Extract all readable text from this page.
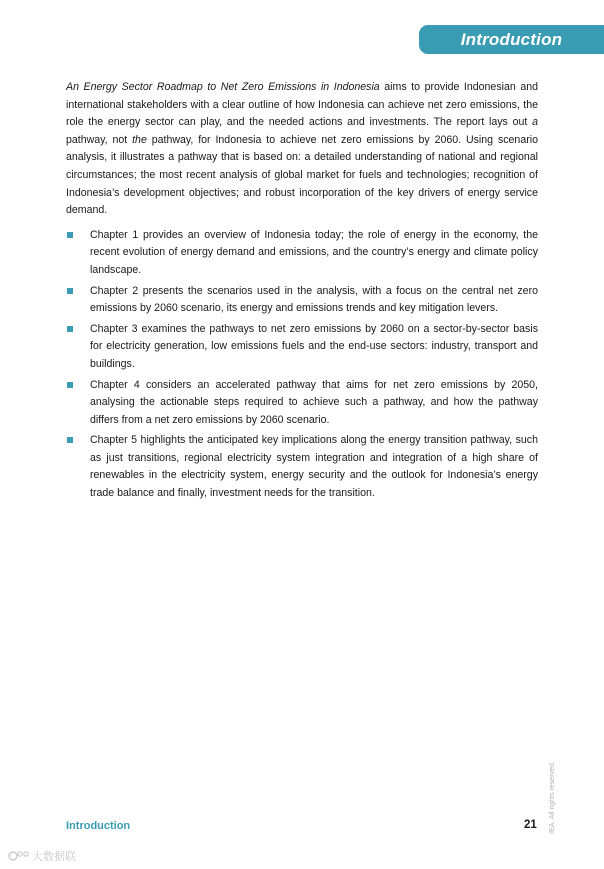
Introduction

An Energy Sector Roadmap to Net Zero Emissions in Indonesia aims to provide Indonesian and international stakeholders with a clear outline of how Indonesia can achieve net zero emissions, the role the energy sector can play, and the needed actions and investments. The report lays out a pathway, not the pathway, for Indonesia to achieve net zero emissions by 2060. Using scenario analysis, it illustrates a pathway that is based on: a detailed understanding of national and regional circumstances; the most recent analysis of global market for fuels and technologies; recognition of Indonesia’s development objectives; and robust incorporation of the key drivers of energy service demand.

Chapter 1 provides an overview of Indonesia today; the role of energy in the economy, the recent evolution of energy demand and emissions, and the country’s energy and climate policy landscape.
Chapter 2 presents the scenarios used in the analysis, with a focus on the central net zero emissions by 2060 scenario, its energy and emissions trends and key mitigation levers.
Chapter 3 examines the pathways to net zero emissions by 2060 on a sector-by-sector basis for electricity generation, low emissions fuels and the end-use sectors: industry, transport and buildings.
Chapter 4 considers an accelerated pathway that aims for net zero emissions by 2050, analysing the actionable steps required to achieve such a pathway, and how the pathway differs from a net zero emissions by 2060 scenario.
Chapter 5 highlights the anticipated key implications along the energy transition pathway, such as just transitions, regional electricity system integration and integration of a high share of renewables in the electricity system, energy security and the outlook for Indonesia’s energy trade balance and finally, investment needs for the transition.
Introduction	21 IEA. All rights reserved.
大数据联
